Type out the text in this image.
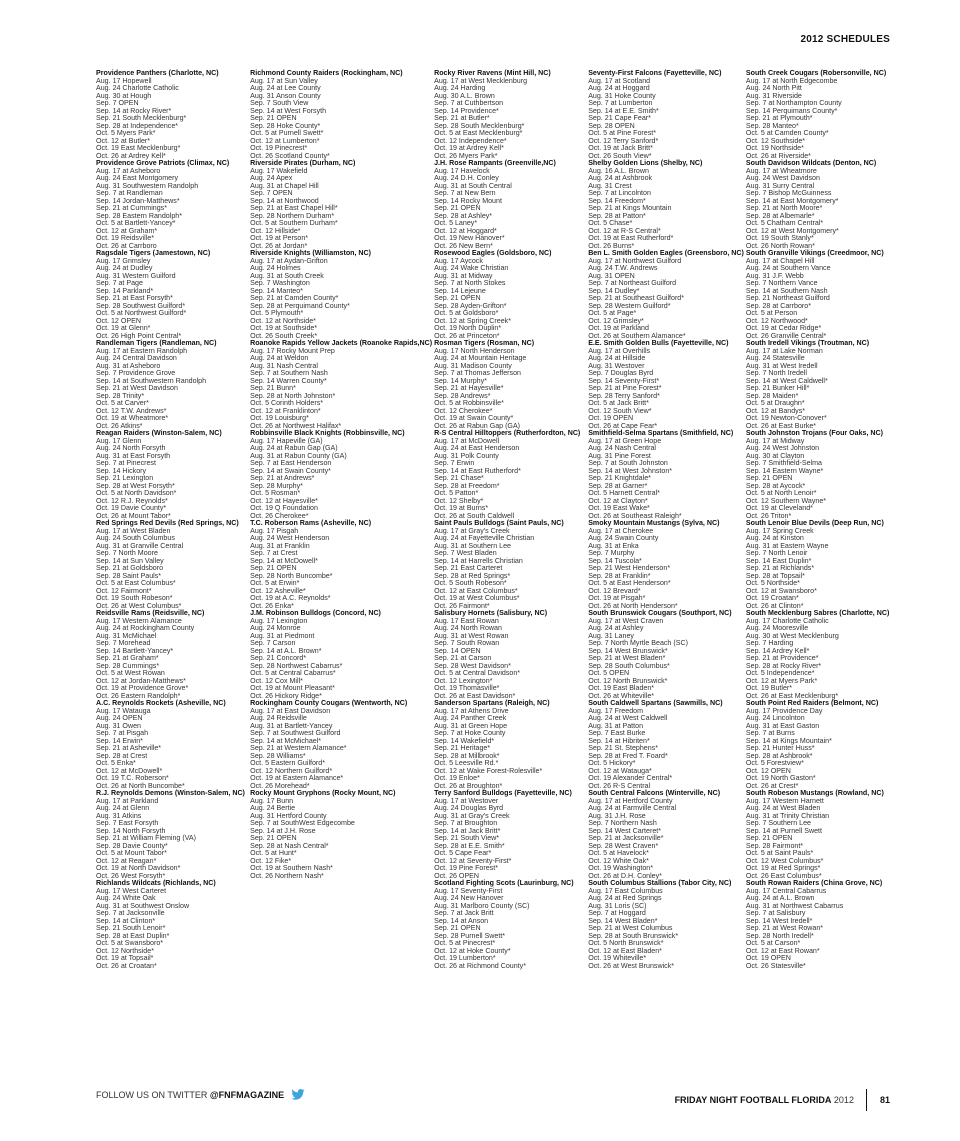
2012 SCHEDULES
Providence Panthers (Charlotte, NC)
Aug. 17 Hopewell
Aug. 24 Charlotte Catholic
Aug. 30 at Hough
Sep. 7 OPEN
Sep. 14 at Rocky River*
Sep. 21 South Mecklenburg*
Sep. 28 at Independence*
Oct. 5 Myers Park*
Oct. 12 at Butler*
Oct. 19 East Mecklenburg*
Oct. 26 at Ardrey Kell*
Providence Grove Patriots (Climax, NC)
Aug. 17 at Asheboro
Aug. 24 East Montgomery
Aug. 31 Southwestern Randolph
Sep. 7 at Randleman
Sep. 14 Jordan-Matthews*
Sep. 21 at Cummings*
Sep. 28 Eastern Randolph*
Oct. 5 at Bartlett-Yancey*
Oct. 12 at Graham*
Oct. 19 Reidsville*
Oct. 26 at Carrboro
Ragsdale Tigers (Jamestown, NC)
Aug. 17 Grimsley
Aug. 24 at Dudley
Aug. 31 Western Guilford
Sep. 7 at Page
Sep. 14 Parkland*
Sep. 21 at East Forsyth*
Sep. 28 Southwest Guilford*
Oct. 5 at Northwest Guilford*
Oct. 12 OPEN
Oct. 19 at Glenn*
Oct. 26 High Point Central*
Randleman Tigers (Randleman, NC)
Aug. 17 at Eastern Randolph
Aug. 24 Central Davidson
Aug. 31 at Asheboro
Sep. 7 Providence Grove
Sep. 14 at Southwestern Randolph
Sep. 21 at West Davidson
Sep. 28 Trinity*
Oct. 5 at Carver*
Oct. 12 T.W. Andrews*
Oct. 19 at Wheatmore*
Oct. 26 Atkins*
Reagan Raiders (Winston-Salem, NC)
Aug. 17 Glenn
Aug. 24 North Forsyth
Aug. 31 at East Forsyth
Sep. 7 at Pinecrest
Sep. 14 Hickory
Sep. 21 Lexington
Sep. 28 at West Forsyth*
Oct. 5 at North Davidson*
Oct. 12 R.J. Reynolds*
Oct. 19 Davie County*
Oct. 26 at Mount Tabor*
Red Springs Red Devils (Red Springs, NC)
Aug. 17 at West Bladen
Aug. 24 South Columbus
Aug. 31 at Granville Central
Sep. 7 North Moore
Sep. 14 at Sun Valley
Sep. 21 at Goldsboro
Sep. 28 Saint Pauls*
Oct. 5 at East Columbus*
Oct. 12 Fairmont*
Oct. 19 South Robeson*
Oct. 26 at West Columbus*
Reidsville Rams (Reidsville, NC)
Aug. 17 Western Alamance
Aug. 24 at Rockingham County
Aug. 31 McMichael
Sep. 7 Morehead
Sep. 14 Bartlett-Yancey*
Sep. 21 at Graham*
Sep. 28 Cummings*
Oct. 5 at West Rowan
Oct. 12 at Jordan-Matthews*
Oct. 19 at Providence Grove*
Oct. 26 Eastern Randolph*
A.C. Reynolds Rockets (Asheville, NC)
Aug. 17 Watauga
Aug. 24 OPEN
Aug. 31 Owen
Sep. 7 at Pisgah
Sep. 14 Erwin*
Sep. 21 at Asheville*
Sep. 28 at Crest
Oct. 5 Enka*
Oct. 12 at McDowell*
Oct. 19 T.C. Roberson*
Oct. 26 at North Buncombe*
R.J. Reynolds Demons (Winston-Salem, NC)
Aug. 17 at Parkland
Aug. 24 at Glenn
Aug. 31 Atkins
Sep. 7 East Forsyth
Sep. 14 North Forsyth
Sep. 21 at William Fleming (VA)
Sep. 28 Davie County*
Oct. 5 at Mount Tabor*
Oct. 12 at Reagan*
Oct. 19 at North Davidson*
Oct. 26 West Forsyth*
Richlands Wildcats (Richlands, NC)
Aug. 17 West Carteret
Aug. 24 White Oak
Aug. 31 at Southwest Onslow
Sep. 7 at Jacksonville
Sep. 14 at Clinton*
Sep. 21 South Lenoir*
Sep. 28 at East Duplin*
Oct. 5 at Swansboro*
Oct. 12 Northside*
Oct. 19 at Topsail*
Oct. 26 at Croatan*
Richmond County Raiders (Rockingham, NC)
Aug. 17 at Sun Valley
Aug. 24 at Lee County
Aug. 31 Anson County
Sep. 7 South View
Sep. 14 at West Forsyth
Sep. 21 OPEN
Sep. 28 Hoke County*
Oct. 5 at Purnell Swett*
Oct. 12 at Lumberton*
Oct. 19 Pinecrest*
Oct. 26 Scotland County*
Riverside Pirates (Durham, NC)
Aug. 17 Wakefield
Aug. 24 Apex
Aug. 31 at Chapel Hill
Sep. 7 OPEN
Sep. 14 at Northwood
Sep. 21 at East Chapel Hill*
Sep. 28 Northern Durham*
Oct. 5 at Southern Durham*
Oct. 12 Hillside*
Oct. 19 at Person*
Oct. 26 at Jordan*
Riverside Knights (Williamston, NC)
Aug. 17 at Aydan-Grifton
Aug. 24 Holmes
Aug. 31 at South Creek
Sep. 7 Washington
Sep. 14 Manteo*
Sep. 21 at Camden County*
Sep. 28 at Perquimand County*
Oct. 5 Plymouth*
Oct. 12 at Northside*
Oct. 19 at Southside*
Oct. 26 South Creek*
Roanoke Rapids Yellow Jackets (Roanoke Rapids,NC)
Aug. 17 Rocky Mount Prep
Aug. 24 at Weldon
Aug. 31 Nash Central
Sep. 7 at Southern Nash
Sep. 14 Warren County*
Sep. 21 Bunn*
Sep. 28 at North Johnston*
Oct. 5 Corinth Holders*
Oct. 12 at Franklinton*
Oct. 19 Louisburg*
Oct. 26 at Northwest Halifax*
Robbinsville Black Knights (Robbinsville, NC)
Aug. 17 Hapeville (GA)
Aug. 24 at Rabun Gap (GA)
Aug. 31 at Rabun County (GA)
Sep. 7 at East Henderson
Sep. 14 at Swain County*
Sep. 21 at Andrews*
Sep. 28 Murphy*
Oct. 5 Rosman*
Oct. 12 at Hayesville*
Oct. 19 Q Foundation
Oct. 26 Cherokee*
T.C. Roberson Rams (Asheville, NC)
Aug. 17 Pisgah
Aug. 24 West Henderson
Aug. 31 at Franklin
Sep. 7 at Crest
Sep. 14 at McDowell*
Sep. 21 OPEN
Sep. 28 North Buncombe*
Oct. 5 at Erwin*
Oct. 12 Asheville*
Oct. 19 at A.C. Reynolds*
Oct. 26 Enka*
J.M. Robinson Bulldogs (Concord, NC)
Aug. 17 Lexington
Aug. 24 Monroe
Aug. 31 at Piedmont
Sep. 7 Carson
Sep. 14 at A.L. Brown*
Sep. 21 Concord*
Sep. 28 Northwest Cabarrus*
Oct. 5 at Central Cabarrus*
Oct. 12 Cox Mill*
Oct. 19 at Mount Pleasant*
Oct. 26 Hickory Ridge*
Rockingham County Cougars (Wentworth, NC)
Aug. 17 at East Davidson
Aug. 24 Reidsville
Aug. 31 at Bartlett-Yancey
Sep. 7 at Southwest Guilford
Sep. 14 at McMichael*
Sep. 21 at Western Alamance*
Sep. 28 Williams*
Oct. 5 Eastern Guilford*
Oct. 12 Northern Guilford*
Oct. 19 at Eastern Alamance*
Oct. 26 Morehead*
Rocky Mount Gryphons (Rocky Mount, NC)
Aug. 17 Bunn
Aug. 24 Bertie
Aug. 31 Hertford County
Sep. 7 at SouthWest Edgecombe
Sep. 14 at J.H. Rose
Sep. 21 OPEN
Sep. 28 at Nash Central*
Oct. 5 at Hunt*
Oct. 12 Fike*
Oct. 19 at Southern Nash*
Oct. 26 Northern Nash*
Rocky River Ravens (Mint Hill, NC)
Aug. 17 at West Mecklenburg
Aug. 24 Harding
Aug. 30 A.L. Brown
Sep. 7 at Cuthbertson
Sep. 14 Providence*
Sep. 21 at Butler*
Sep. 28 South Mecklenburg*
Oct. 5 at East Mecklenburg*
Oct. 12 Independence*
Oct. 19 at Ardrey Kell*
Oct. 26 Myers Park*
J.H. Rose Rampants (Greenville,NC)
Aug. 17 Havelock
Aug. 24 D.H. Conley
Aug. 31 at South Central
Sep. 7 at New Bern
Sep. 14 Rocky Mount
Sep. 21 OPEN
Sep. 28 at Ashley*
Oct. 5 Laney*
Oct. 12 at Hoggard*
Oct. 19 New Hanover*
Oct. 26 New Bern*
Rosewood Eagles (Goldsboro, NC)
Aug. 17 Aycock
Aug. 24 Wake Christian
Aug. 31 at Midway
Sep. 7 at North Stokes
Sep. 14 Lejeune
Sep. 21 OPEN
Sep. 28 Ayden-Grifton*
Oct. 5 at Goldsboro*
Oct. 12 at Spring Creek*
Oct. 19 North Duplin*
Oct. 26 at Princeton*
Rosman Tigers (Rosman, NC)
Aug. 17 North Henderson
Aug. 24 at Mountain Heritage
Aug. 31 Madison County
Sep. 7 at Thomas Jefferson
Sep. 14 Murphy*
Sep. 21 at Hayesville*
Sep. 28 Andrews*
Oct. 5 at Robbinsville*
Oct. 12 Cherokee*
Oct. 19 at Swain County*
Oct. 26 at Rabun Gap (GA)
R-S Central Hilltoppers (Rutherfordton, NC)
Aug. 17 at McDowell
Aug. 24 at East Henderson
Aug. 31 Polk County
Sep. 7 Erwin
Sep. 14 at East Rutherford*
Sep. 21 Chase*
Sep. 28 at Freedom*
Oct. 5 Patton*
Oct. 12 Shelby*
Oct. 19 at Burns*
Oct. 26 at South Caldwell
Saint Pauls Bulldogs (Saint Pauls, NC)
Aug. 17 at Gray's Creek
Aug. 24 at Fayetteville Christian
Aug. 31 at Southern Lee
Sep. 7 West Bladen
Sep. 14 at Harrells Christian
Sep. 21 East Carteret
Sep. 28 at Red Springs*
Oct. 5 South Robeson*
Oct. 12 at East Columbus*
Oct. 19 at West Columbus*
Oct. 26 Fairmont*
Salisbury Hornets (Salisbury, NC)
Aug. 17 East Rowan
Aug. 24 North Rowan
Aug. 31 at West Rowan
Sep. 7 South Rowan
Sep. 14 OPEN
Sep. 21 at Carson
Sep. 28 West Davidson*
Oct. 5 at Central Davidson*
Oct. 12 Lexington*
Oct. 19 Thomasville*
Oct. 26 at East Davidson*
Sanderson Spartans (Raleigh, NC)
Aug. 17 at Athens Drive
Aug. 24 Panther Creek
Aug. 31 at Green Hope
Sep. 7 at Hoke County
Sep. 14 Wakefield*
Sep. 21 Heritage*
Sep. 28 at Millbrook*
Oct. 5 Leesville Rd.*
Oct. 12 at Wake Forest-Rolesville*
Oct. 19 Enloe*
Oct. 26 at Broughton*
Terry Sanford Bulldogs (Fayetteville, NC)
Aug. 17 at Westover
Aug. 24 Douglas Byrd
Aug. 31 at Gray's Creek
Sep. 7 at Broughton
Sep. 14 at Jack Britt*
Sep. 21 South View*
Sep. 28 at E.E. Smith*
Oct. 5 Cape Fear*
Oct. 12 at Seventy-First*
Oct. 19 Pine Forest*
Oct. 26 OPEN
Scotland Fighting Scots (Laurinburg, NC)
Aug. 17 Seventy-First
Aug. 24 New Hanover
Aug. 31 Marlboro County (SC)
Sep. 7 at Jack Britt
Sep. 14 at Anson
Sep. 21 OPEN
Sep. 28 Purnell Swett*
Oct. 5 at Pinecrest*
Oct. 12 at Hoke County*
Oct. 19 Lumberton*
Oct. 26 at Richmond County*
Seventy-First Falcons (Fayetteville, NC)
Aug. 17 at Scotland
Aug. 24 at Hoggard
Aug. 31 Hoke County
Sep. 7 at Lumberton
Sep. 14 at E.E. Smith*
Sep. 21 Cape Fear*
Sep. 28 OPEN
Oct. 5 at Pine Forest*
Oct. 12 Terry Sanford*
Oct. 19 at Jack Britt*
Oct. 26 South View*
Shelby Golden Lions (Shelby, NC)
Aug. 16 A.L. Brown
Aug. 24 at Ashbrook
Aug. 31 Crest
Sep. 7 at Lincolnton
Sep. 14 Freedom*
Sep. 21 at Kings Mountain
Sep. 28 at Patton*
Oct. 5 Chase*
Oct. 12 at R-S Central*
Oct. 19 at East Rutherford*
Oct. 26 Burns*
Ben L. Smith Golden Eagles (Greensboro, NC)
Aug. 17 at Northwest Guilford
Aug. 24 T.W. Andrews
Aug. 31 OPEN
Sep. 7 at Northeast Guilford
Sep. 14 Dudley*
Sep. 21 at Southeast Guilford*
Sep. 28 Western Guilford*
Oct. 5 at Page*
Oct. 12 Grimsley*
Oct. 19 at Parkland
Oct. 26 at Southern Alamance*
E.E. Smith Golden Bulls (Fayetteville, NC)
Aug. 17 at Overhills
Aug. 24 at Hillside
Aug. 31 Westover
Sep. 7 Douglas Byrd
Sep. 14 Seventy-First*
Sep. 21 at Pine Forest*
Sep. 28 Terry Sanford*
Oct. 5 at Jack Britt*
Oct. 12 South View*
Oct. 19 OPEN
Oct. 26 at Cape Fear*
Smithfield-Selma Spartans (Smithfield, NC)
Aug. 17 at Green Hope
Aug. 24 Nash Central
Aug. 31 Pine Forest
Sep. 7 at South Johnston
Sep. 14 at West Johnston*
Sep. 21 Knightdale*
Sep. 28 at Garner*
Oct. 5 Harnett Central*
Oct. 12 at Clayton*
Oct. 19 East Wake*
Oct. 26 at Southeast Raleigh*
Smoky Mountain Mustangs (Sylva, NC)
Aug. 17 at Cherokee
Aug. 24 Swain County
Aug. 31 at Enka
Sep. 7 Murphy
Sep. 14 Tuscola*
Sep. 21 West Henderson*
Sep. 28 at Franklin*
Oct. 5 at East Henderson*
Oct. 12 Brevard*
Oct. 19 at Pisgah*
Oct. 26 at North Henderson*
South Brunswick Cougars (Southport, NC)
Aug. 17 at West Craven
Aug. 24 at Ashley
Aug. 31 Laney
Sep. 7 North Myrtle Beach (SC)
Sep. 14 West Brunswick*
Sep. 21 at West Bladen*
Sep. 28 South Columbus*
Oct. 5 OPEN
Oct. 12 North Brunswick*
Oct. 19 East Bladen*
Oct. 26 at Whiteville*
South Caldwell Spartans (Sawmills, NC)
Aug. 17 Freedom
Aug. 24 at West Caldwell
Aug. 31 at Patton
Sep. 7 East Burke
Sep. 14 at Hibriten*
Sep. 21 St. Stephens*
Sep. 28 at Fred T. Foard*
Oct. 5 Hickory*
Oct. 12 at Watauga*
Oct. 19 Alexander Central*
Oct. 26 R-S Central
South Central Falcons (Winterville, NC)
Aug. 17 at Hertford County
Aug. 24 at Farmville Central
Aug. 31 J.H. Rose
Sep. 7 Northern Nash
Sep. 14 West Carteret*
Sep. 21 at Jacksonville*
Sep. 28 West Craven*
Oct. 5 at Havelock*
Oct. 12 White Oak*
Oct. 19 Washington*
Oct. 26 at D.H. Conley*
South Columbus Stallions (Tabor City, NC)
Aug. 17 East Columbus
Aug. 24 at Red Springs
Aug. 31 Loris (SC)
Sep. 7 at Hoggard
Sep. 14 West Bladen*
Sep. 21 at West Columbus
Sep. 28 at South Brunswick*
Oct. 5 North Brunswick*
Oct. 12 at East Bladen*
Oct. 19 Whiteville*
Oct. 26 at West Brunswick*
South Creek Cougars (Robersonville, NC)
Aug. 17 at North Edgecombe
Aug. 24 North Pitt
Aug. 31 Riverside
Sep. 7 at Northampton County
Sep. 14 Perquimans County*
Sep. 21 at Plymouth*
Sep. 28 Manteo*
Oct. 5 at Camden County*
Oct. 12 Southside*
Oct. 19 Northside*
Oct. 26 at Riverside*
South Davidson Wildcats (Denton, NC)
Aug. 17 at Wheatmore
Aug. 24 West Davidson
Aug. 31 Surry Central
Sep. 7 Bishop McGuinness
Sep. 14 at East Montgomery*
Sep. 21 at North Moore*
Sep. 28 at Albemarle*
Oct. 5 Chatham Central*
Oct. 12 at West Montgomery*
Oct. 19 South Stanly*
Oct. 26 North Rowan*
South Granville Vikings (Creedmoor, NC)
Aug. 17 at Chapel Hill
Aug. 24 at Southern Vance
Aug. 31 J.F. Webb
Sep. 7 Northern Vance
Sep. 14 at Southern Nash
Sep. 21 Northeast Guilford
Sep. 28 at Carrboro*
Oct. 5 at Person
Oct. 12 Northwood*
Oct. 19 at Cedar Ridge*
Oct. 26 Granville Central*
South Iredell Vikings (Troutman, NC)
Aug. 17 at Lake Norman
Aug. 24 Statesville
Aug. 31 at West Iredell
Sep. 7 North Iredell
Sep. 14 at West Caldwell*
Sep. 21 Bunker Hill*
Sep. 28 Maiden*
Oct. 5 at Draughn*
Oct. 12 at Bandys*
Oct. 19 Newton-Conover*
Oct. 26 at East Burke*
South Johnston Trojans (Four Oaks, NC)
Aug. 17 at Midway
Aug. 24 West Johnston
Aug. 30 at Clayton
Sep. 7 Smithfield-Selma
Sep. 14 Eastern Wayne*
Sep. 21 OPEN
Sep. 28 at Aycock*
Oct. 5 at North Lenoir*
Oct. 12 Southern Wayne*
Oct. 19 at Cleveland*
Oct. 26 Triton*
South Lenoir Blue Devils (Deep Run, NC)
Aug. 17 Spring Creek
Aug. 24 at Kinston
Aug. 31 at Eastern Wayne
Sep. 7 North Lenoir
Sep. 14 East Duplin*
Sep. 21 at Richlands*
Sep. 28 at Topsail*
Oct. 5 Northside*
Oct. 12 at Swansboro*
Oct. 19 Croatan*
Oct. 26 at Clinton*
South Mecklenburg Sabres (Charlotte, NC)
Aug. 17 Charlotte Catholic
Aug. 24 Mooresville
Aug. 30 at West Mecklenburg
Sep. 7 Harding
Sep. 14 Ardrey Kell*
Sep. 21 at Providence*
Sep. 28 at Rocky River*
Oct. 5 Independence*
Oct. 12 at Myers Park*
Oct. 19 Butler*
Oct. 26 at East Mecklenburg*
South Point Red Raiders (Belmont, NC)
Aug. 17 Providence Day
Aug. 24 Lincolnton
Aug. 31 at East Gaston
Sep. 7 at Burns
Sep. 14 at Kings Mountain*
Sep. 21 Hunter Huss*
Sep. 28 at Ashbrook*
Oct. 5 Forestview*
Oct. 12 OPEN
Oct. 19 North Gaston*
Oct. 26 at Crest*
South Robeson Mustangs (Rowland, NC)
Aug. 17 Western Harnett
Aug. 24 at West Bladen
Aug. 31 at Trinity Christian
Sep. 7 Southern Lee
Sep. 14 at Purnell Swett
Sep. 21 OPEN
Sep. 28 Fairmont*
Oct. 5 at Saint Pauls*
Oct. 12 West Columbus*
Oct. 19 at Red Springs*
Oct. 26 East Columbus*
South Rowan Raiders (China Grove, NC)
Aug. 17 Central Cabarrus
Aug. 24 at A.L. Brown
Aug. 31 at Northwest Cabarrus
Sep. 7 at Salisbury
Sep. 14 West Iredell*
Sep. 21 at West Rowan*
Sep. 28 North Iredell*
Oct. 5 at Carson*
Oct. 12 at East Rowan*
Oct. 19 OPEN
Oct. 26 Statesville*
FOLLOW US ON TWITTER @FNFMAGAZINE	FRIDAY NIGHT FOOTBALL FLORIDA 2012	81
